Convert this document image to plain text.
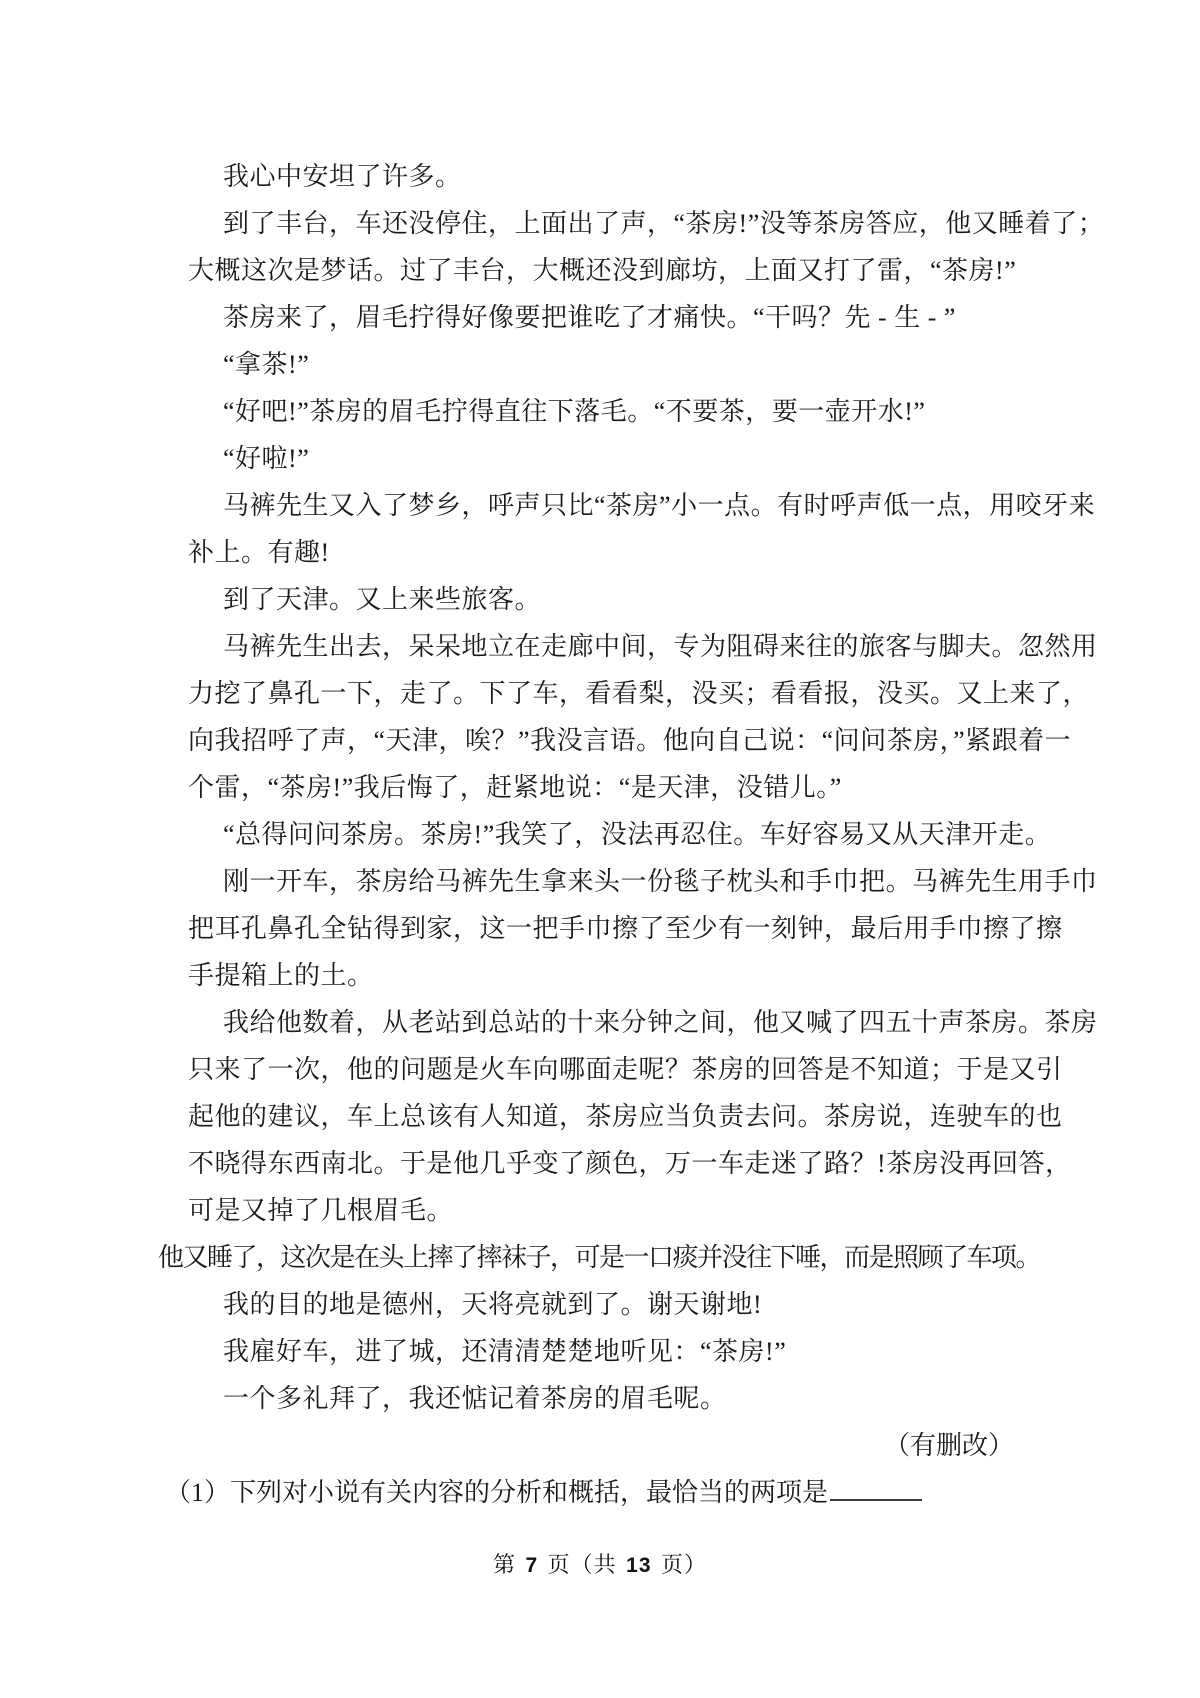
我心中安坦了许多。
到了丰台，车还没停住，上面出了声，“茶房!”没等茶房答应，他又睡着了；
大概这次是梦话。过了丰台，大概还没到廊坊，上面又打了雷，“茶房!”
茶房来了，眉毛拧得好像要把谁吃了才痛快。“干吗？先 - 生 - ”
“拿茶!”
“好吧!”茶房的眉毛拧得直往下落毛。“不要茶，要一壶开水!”
“好啦!”
马裤先生又入了梦乡，呼声只比“茶房”小一点。有时呼声低一点，用咬牙来
补上。有趣!
到了天津。又上来些旅客。
马裤先生出去，呆呆地立在走廊中间，专为阻碍来往的旅客与脚夫。忽然用
力挖了鼻孔一下，走了。下了车，看看梨，没买；看看报，没买。又上来了，
向我招呼了声，“天津，唉？”我没言语。他向自己说：“问问茶房，”紧跟着一
个雷，“茶房!”我后悔了，赶紧地说：“是天津，没错儿。”
“总得问问茶房。茶房!”我笑了，没法再忍住。车好容易又从天津开走。
刚一开车，茶房给马裤先生拿来头一份毯子枕头和手巾把。马裤先生用手巾
把耳孔鼻孔全钻得到家，这一把手巾擦了至少有一刻钟，最后用手巾擦了擦
手提箱上的土。
我给他数着，从老站到总站的十来分钟之间，他又喊了四五十声茶房。茶房
只来了一次，他的问题是火车向哪面走呢？茶房的回答是不知道；于是又引
起他的建议，车上总该有人知道，茶房应当负责去问。茶房说，连驶车的也
不晓得东西南北。于是他几乎变了颜色，万一车走迷了路？!茶房没再回答，
可是又掉了几根眉毛。
他又睡了，这次是在头上摔了摔袜子，可是一口痰并没往下唾，而是照顾了车项。
我的目的地是德州，天将亮就到了。谢天谢地!
我雇好车，进了城，还清清楚楚地听见：“茶房!”
一个多礼拜了，我还惦记着茶房的眉毛呢。
（有删改）
（1）下列对小说有关内容的分析和概括，最恰当的两项是
第 7 页（共 13 页）
